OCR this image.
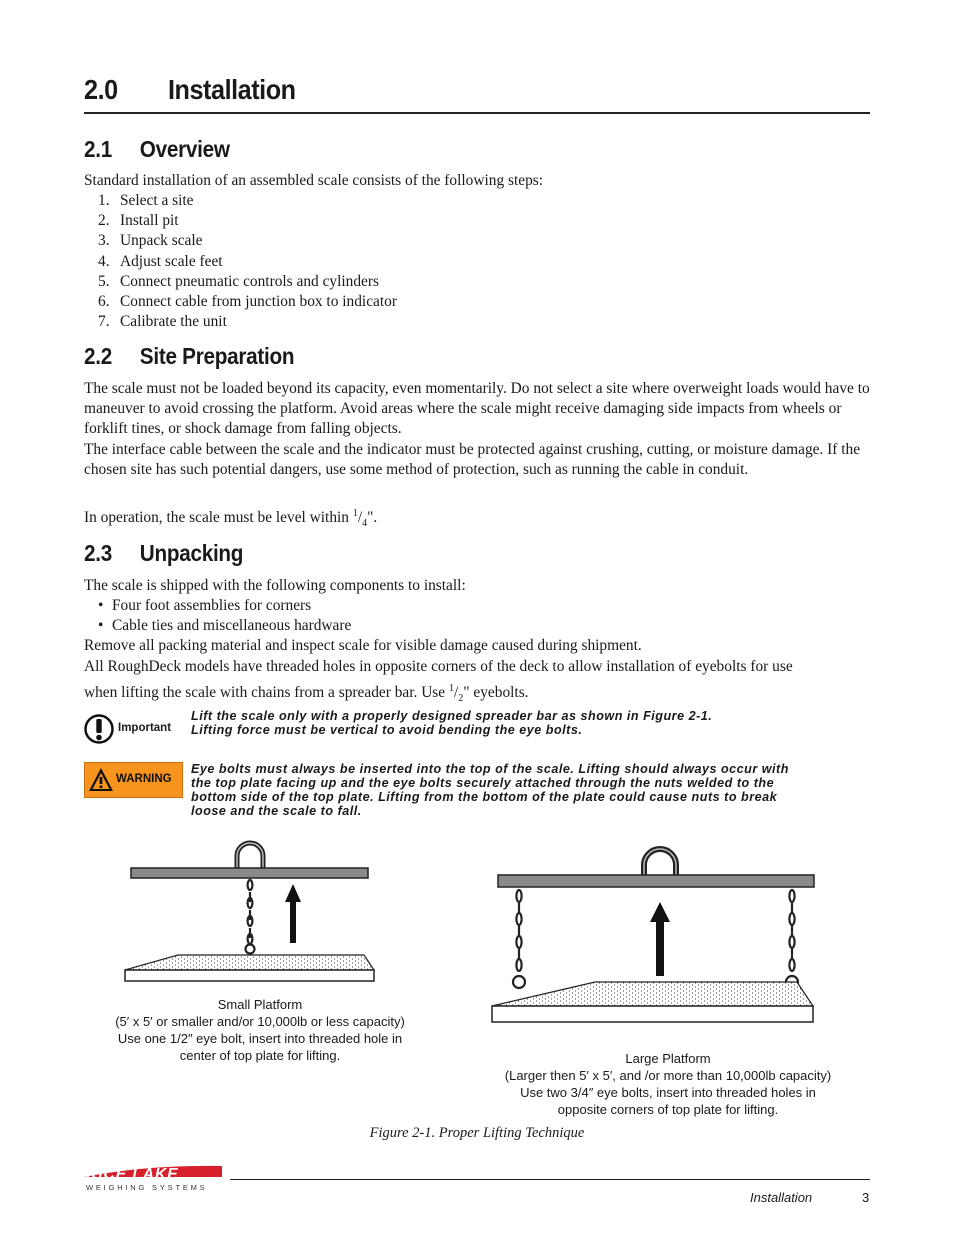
2.0 Installation
2.1 Overview
Standard installation of an assembled scale consists of the following steps:
1. Select a site
2. Install pit
3. Unpack scale
4. Adjust scale feet
5. Connect pneumatic controls and cylinders
6. Connect cable from junction box to indicator
7. Calibrate the unit
2.2 Site Preparation
The scale must not be loaded beyond its capacity, even momentarily. Do not select a site where overweight loads would have to maneuver to avoid crossing the platform. Avoid areas where the scale might receive damaging side impacts from wheels or forklift tines, or shock damage from falling objects.
The interface cable between the scale and the indicator must be protected against crushing, cutting, or moisture damage. If the chosen site has such potential dangers, use some method of protection, such as running the cable in conduit.
In operation, the scale must be level within $^1/_4$".
2.3 Unpacking
The scale is shipped with the following components to install:
• Four foot assemblies for corners
• Cable ties and miscellaneous hardware
Remove all packing material and inspect scale for visible damage caused during shipment.
All RoughDeck models have threaded holes in opposite corners of the deck to allow installation of eyebolts for use
when lifting the scale with chains from a spreader bar. Use $^1/_2$" eyebolts.
Important
Lift the scale only with a properly designed spreader bar as shown in Figure 2-1.
Lifting force must be vertical to avoid bending the eye bolts.
WARNING
Eye bolts must always be inserted into the top of the scale. Lifting should always occur with
the top plate facing up and the eye bolts securely attached through the nuts welded to the
bottom side of the top plate. Lifting from the bottom of the plate could cause nuts to break
loose and the scale to fall.
Small Platform
(5′ x 5′ or smaller and/or 10,000lb or less capacity)
Use one 1/2″ eye bolt, insert into threaded hole in
center of top plate for lifting.	Large Platform
(Larger then 5′ x 5′, and /or more than 10,000lb capacity)
Use two 3/4″ eye bolts, insert into threaded holes in
opposite corners of top plate for lifting.
Figure 2-1. Proper Lifting Technique
RICE LAKE
WEIGHING SYSTEMS
Installation	3
